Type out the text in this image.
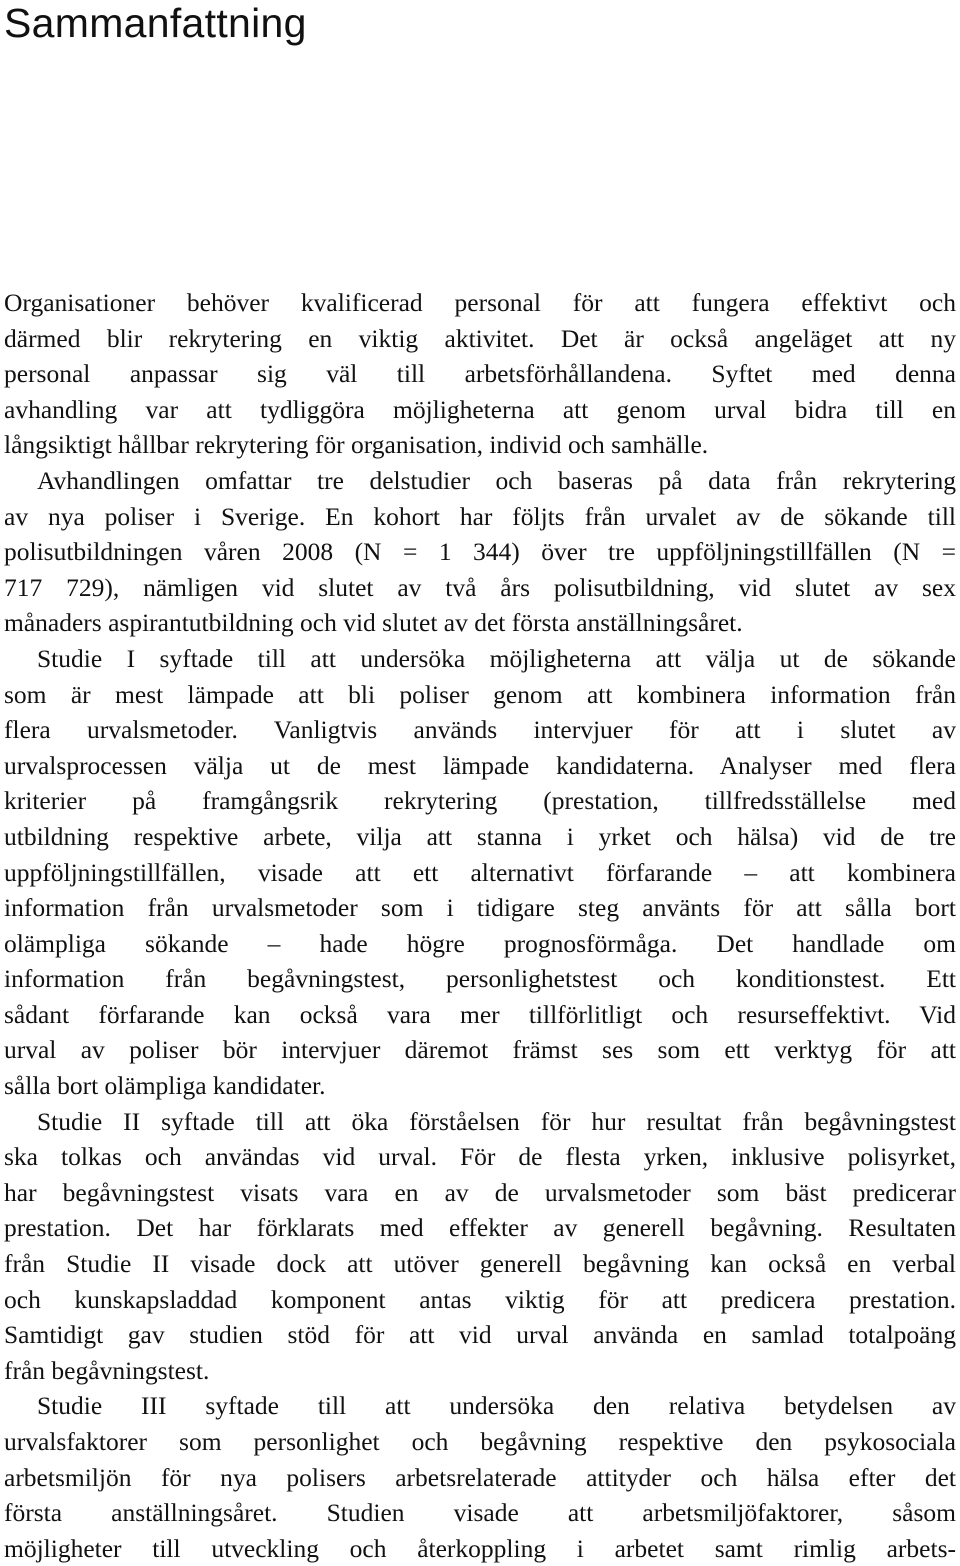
Sammanfattning

Organisationer behöver kvalificerad personal för att fungera effektivt och

därmed blir rekrytering en viktig aktivitet. Det är också angeläget att ny

personal anpassar sig väl till arbetsförhållandena. Syftet med denna

avhandling var att tydliggöra möjligheterna att genom urval bidra till en

långsiktigt hållbar rekrytering för organisation, individ och samhälle.

Avhandlingen omfattar tre delstudier och baseras på data från rekrytering

av nya poliser i Sverige. En kohort har följts från urvalet av de sökande till

polisutbildningen våren 2008 (N = 1 344) över tre uppföljningstillfällen (N =

717 729), nämligen vid slutet av två års polisutbildning, vid slutet av sex

månaders aspirantutbildning och vid slutet av det första anställningsåret.

Studie I syftade till att undersöka möjligheterna att välja ut de sökande

som är mest lämpade att bli poliser genom att kombinera information från

flera urvalsmetoder. Vanligtvis används intervjuer för att i slutet av

urvalsprocessen välja ut de mest lämpade kandidaterna. Analyser med flera

kriterier på framgångsrik rekrytering (prestation, tillfredsställelse med

utbildning respektive arbete, vilja att stanna i yrket och hälsa) vid de tre

uppföljningstillfällen, visade att ett alternativt förfarande – att kombinera

information från urvalsmetoder som i tidigare steg använts för att sålla bort

olämpliga sökande – hade högre prognosförmåga. Det handlade om

information från begåvningstest, personlighetstest och konditionstest. Ett

sådant förfarande kan också vara mer tillförlitligt och resurseffektivt. Vid

urval av poliser bör intervjuer däremot främst ses som ett verktyg för att

sålla bort olämpliga kandidater.

Studie II syftade till att öka förståelsen för hur resultat från begåvningstest

ska tolkas och användas vid urval. För de flesta yrken, inklusive polisyrket,

har begåvningstest visats vara en av de urvalsmetoder som bäst predicerar

prestation. Det har förklarats med effekter av generell begåvning. Resultaten

från Studie II visade dock att utöver generell begåvning kan också en verbal

och kunskapsladdad komponent antas viktig för att predicera prestation.

Samtidigt gav studien stöd för att vid urval använda en samlad totalpoäng

från begåvningstest.

Studie III syftade till att undersöka den relativa betydelsen av

urvalsfaktorer som personlighet och begåvning respektive den psykosociala

arbetsmiljön för nya polisers arbetsrelaterade attityder och hälsa efter det

första anställningsåret. Studien visade att arbetsmiljöfaktorer, såsom

möjligheter till utveckling och återkoppling i arbetet samt rimlig arbets-
